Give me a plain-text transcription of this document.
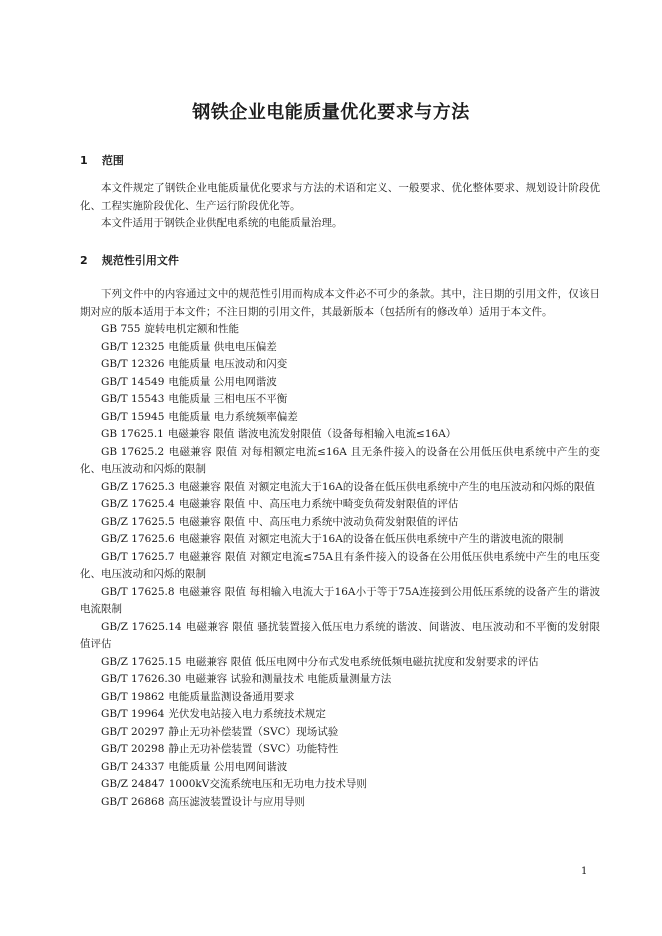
钢铁企业电能质量优化要求与方法
1 范围

本文件规定了钢铁企业电能质量优化要求与方法的术语和定义、一般要求、优化整体要求、规划设计阶段优化、工程实施阶段优化、生产运行阶段优化等。

本文件适用于钢铁企业供配电系统的电能质量治理。

2 规范性引用文件

下列文件中的内容通过文中的规范性引用而构成本文件必不可少的条款。其中，注日期的引用文件，仅该日期对应的版本适用于本文件；不注日期的引用文件，其最新版本（包括所有的修改单）适用于本文件。

GB 755 旋转电机定额和性能

GB/T 12325 电能质量 供电电压偏差

GB/T 12326 电能质量 电压波动和闪变

GB/T 14549 电能质量 公用电网谐波

GB/T 15543 电能质量 三相电压不平衡

GB/T 15945 电能质量 电力系统频率偏差

GB 17625.1 电磁兼容 限值 谐波电流发射限值（设备每相输入电流≤16A）

GB 17625.2 电磁兼容 限值 对每相额定电流≤16A 且无条件接入的设备在公用低压供电系统中产生的变化、电压波动和闪烁的限制

GB/Z 17625.3 电磁兼容 限值 对额定电流大于16A的设备在低压供电系统中产生的电压波动和闪烁的限值

GB/Z 17625.4 电磁兼容 限值 中、高压电力系统中畸变负荷发射限值的评估

GB/Z 17625.5 电磁兼容 限值 中、高压电力系统中波动负荷发射限值的评估

GB/Z 17625.6 电磁兼容 限值 对额定电流大于16A的设备在低压供电系统中产生的谐波电流的限制

GB/T 17625.7 电磁兼容 限值 对额定电流≤75A且有条件接入的设备在公用低压供电系统中产生的电压变化、电压波动和闪烁的限制

GB/T 17625.8 电磁兼容 限值 每相输入电流大于16A小于等于75A连接到公用低压系统的设备产生的谐波电流限制

GB/Z 17625.14 电磁兼容 限值 骚扰装置接入低压电力系统的谐波、间谐波、电压波动和不平衡的发射限值评估

GB/Z 17625.15 电磁兼容 限值 低压电网中分布式发电系统低频电磁抗扰度和发射要求的评估

GB/T 17626.30 电磁兼容 试验和测量技术 电能质量测量方法

GB/T 19862 电能质量监测设备通用要求

GB/T 19964 光伏发电站接入电力系统技术规定

GB/T 20297 静止无功补偿装置（SVC）现场试验

GB/T 20298 静止无功补偿装置（SVC）功能特性

GB/T 24337 电能质量 公用电网间谐波

GB/Z 24847 1000kV交流系统电压和无功电力技术导则

GB/T 26868 高压滤波装置设计与应用导则

1
